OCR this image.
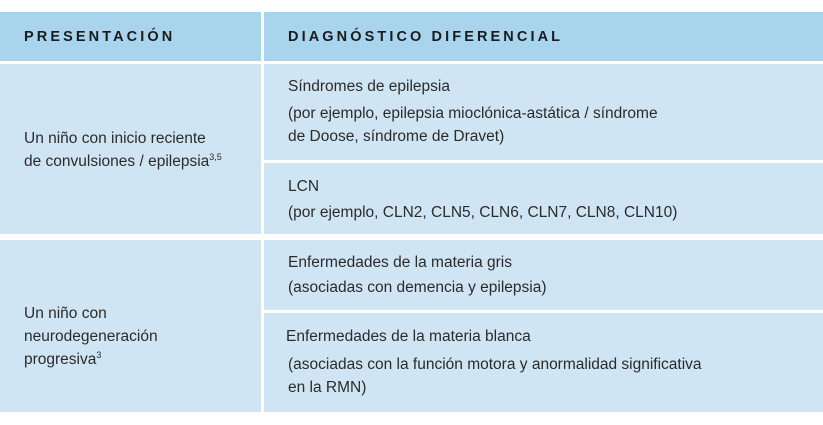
PRESENTACIÓN	DIAGNÓSTICO DIFERENCIAL
Un niño con inicio reciente
de convulsiones / epilepsia$^{3,5}$
Síndromes de epilepsia
(por ejemplo, epilepsia mioclónica-astática / síndrome
de Doose, síndrome de Dravet)
LCN
(por ejemplo, CLN2, CLN5, CLN6, CLN7, CLN8, CLN10)
Un niño con
neurodegeneración
progresiva$^3$
Enfermedades de la materia gris
(asociadas con demencia y epilepsia)
Enfermedades de la materia blanca
(asociadas con la función motora y anormalidad significativa
en la RMN)
